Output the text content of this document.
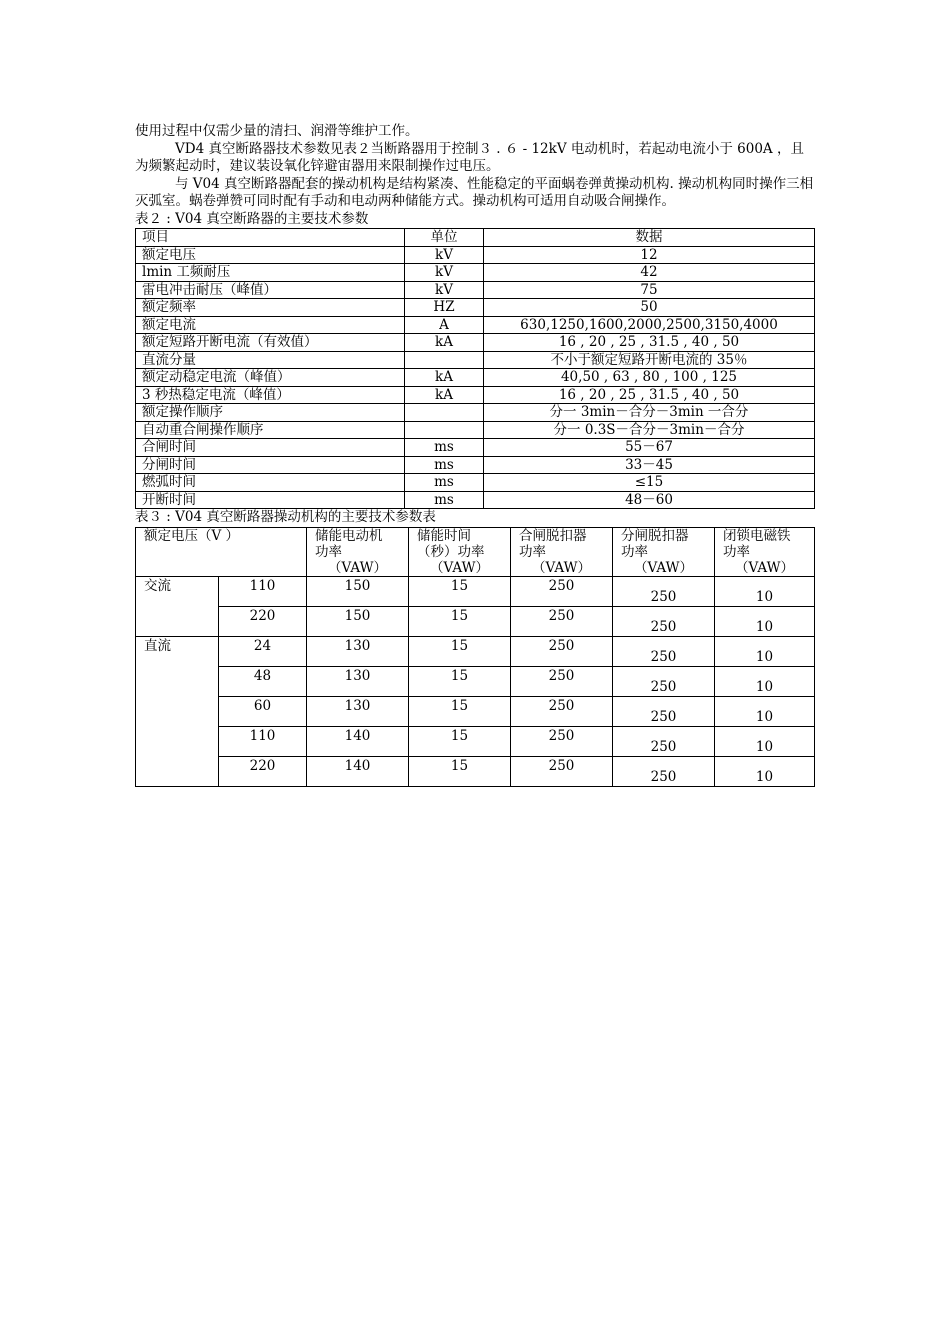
使用过程中仅需少量的清扫、润滑等维护工作。

VD4 真空断路器技术参数见表２当断路器用于控制３ . ６ - 12kV 电动机时，若起动电流小于 600A ，且为频繁起动时，建议装设氧化锌避宙器用来限制操作过电压。

与 V04 真空断路器配套的操动机构是结构紧凑、性能稳定的平面蜗卷弹黄操动机构. 操动机构同时操作三相灭弧室。蜗卷弹赞可同时配有手动和电动两种储能方式。操动机构可适用自动吸合闸操作。

表２ : V04 真空断路器的主要技术参数

项目	单位	数据
额定电压	kV	12
lmin 工频耐压	kV	42
雷电冲击耐压（峰值）	kV	75
额定频率	HZ	50
额定电流	A	630,1250,1600,2000,2500,3150,4000
额定短路开断电流（有效值）	kA	16 , 20 , 25 , 31.5 , 40 , 50
直流分量		不小于额定短路开断电流的 35％
额定动稳定电流（峰值）	kA	40,50 , 63 , 80 , 100 , 125
3 秒热稳定电流（峰值）	kA	16 , 20 , 25 , 31.5 , 40 , 50
额定操作顺序		分一 3min－合分－3min 一合分
自动重合闸操作顺序		分一 0.3S－合分－3min－合分
合闸时间	ms	55－67
分闸时间	ms	33－45
燃弧时间	ms	≤15
开断时间	ms	48－60

表３ : V04 真空断路器操动机构的主要技术参数表

额定电压（V ）		储能电动机
功率
（VAW）	储能时间
（秒）功率
（VAW）	合闸脱扣器
功率
（VAW）	分闸脱扣器
功率
（VAW）	闭锁电磁铁
功率
（VAW）

交流	110	150	15	250	250	10
	220	150	15	250	250	10
直流	24	130	15	250	250	10
	48	130	15	250	250	10
	60	130	15	250	250	10
	110	140	15	250	250	10
	220	140	15	250	250	10
